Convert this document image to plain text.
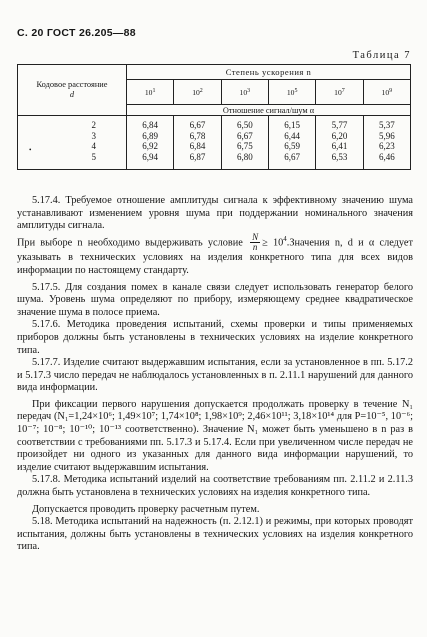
С. 20 ГОСТ 26.205—88
Таблица 7
Кодовое расстояние
d	Степень ускорения n					
	$10^1$	$10^2$	$10^3$	$10^5$	$10^7$	$10^9$
	Отношение сигнал/шум α					
2	6,84	6,67	6,50	6,15	5,77	5,37
3	6,89	6,78	6,67	6,44	6,20	5,96
4	6,92	6,84	6,75	6,59	6,41	6,23
5	6,94	6,87	6,80	6,67	6,53	6,46
•

5.17.4. Требуемое отношение амплитуды сигнала к эффективному значению шума устанавливают изменением уровня шума при поддержании номинального значения амплитуды сигнала.

При выборе n необходимо выдерживать условие $\frac{N}{n}$ ≥ $10^4.Значения$ n, d и α следует указывать в технических условиях на изделия конкретного типа для всех видов информации по настоящему стандарту.

5.17.5. Для создания помех в канале связи следует использовать генератор белого шума. Уровень шума определяют по прибору, измеряющему среднее квадратическое значение шума в полосе приема.

5.17.6. Методика проведения испытаний, схемы проверки и типы применяемых приборов должны быть установлены в технических условиях на изделие конкретного типа.

5.17.7. Изделие считают выдержавшим испытания, если за установленное в пп. 5.17.2 и 5.17.3 число передач не наблюдалось установленных в п. 2.11.1 нарушений для данного вида информации.

При фиксации первого нарушения допускается продолжать проверку в течение N₁ передач (N₁=1,24×10⁶; 1,49×10⁷; 1,74×10⁸; 1,98×10⁹; 2,46×10¹¹; 3,18×10¹⁴ для P=10⁻⁵, 10⁻⁶; 10⁻⁷; 10⁻⁸; 10⁻¹⁰; 10⁻¹³ соответственно). Значение N₁ может быть уменьшено в n раз в соответствии с требованиями пп. 5.17.3 и 5.17.4. Если при увеличенном числе передач не произойдет ни одного из указанных для данного вида информации нарушений, то изделие считают выдержавшим испытания.

5.17.8. Методика испытаний изделий на соответствие требованиям пп. 2.11.2 и 2.11.3 должна быть установлена в технических условиях на изделия конкретного типа.

Допускается проводить проверку расчетным путем.

5.18. Методика испытаний на надежность (п. 2.12.1) и режимы, при которых проводят испытания, должны быть установлены в технических условиях на изделия конкретного типа.
